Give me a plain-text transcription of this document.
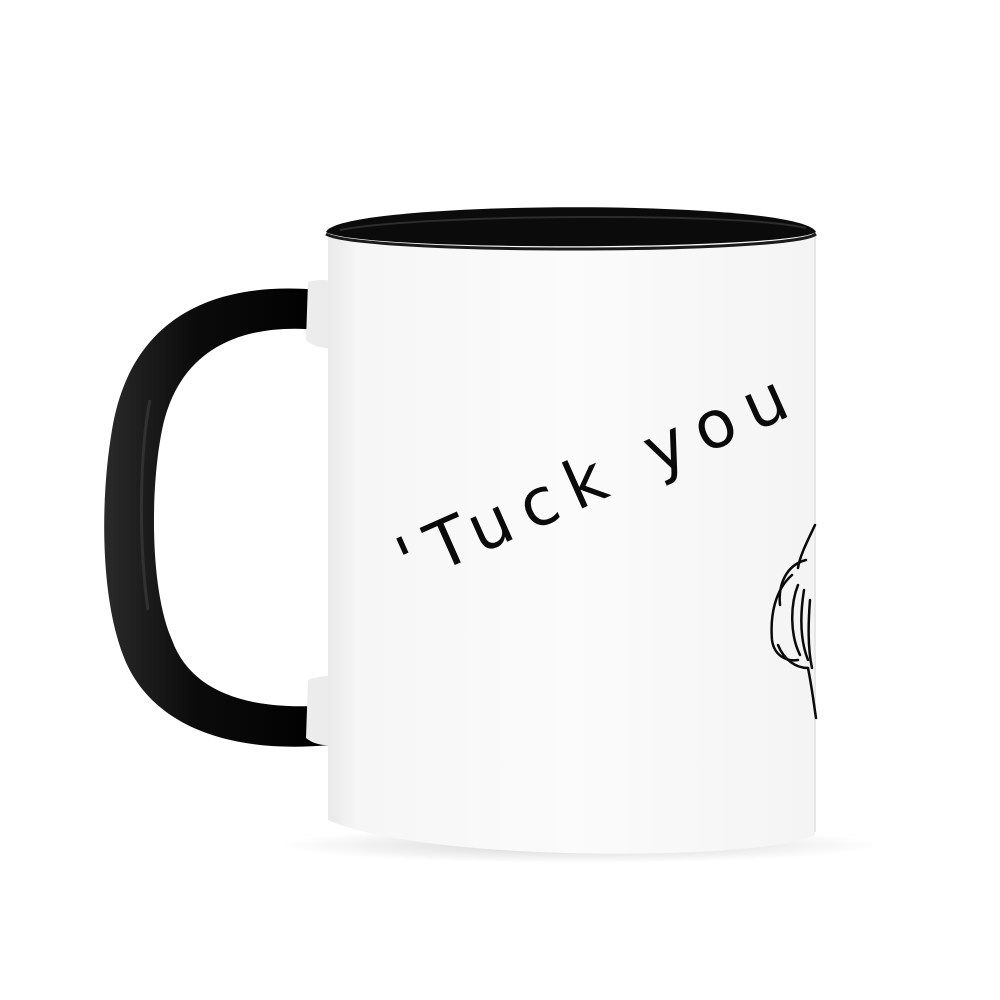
'Tuck you
